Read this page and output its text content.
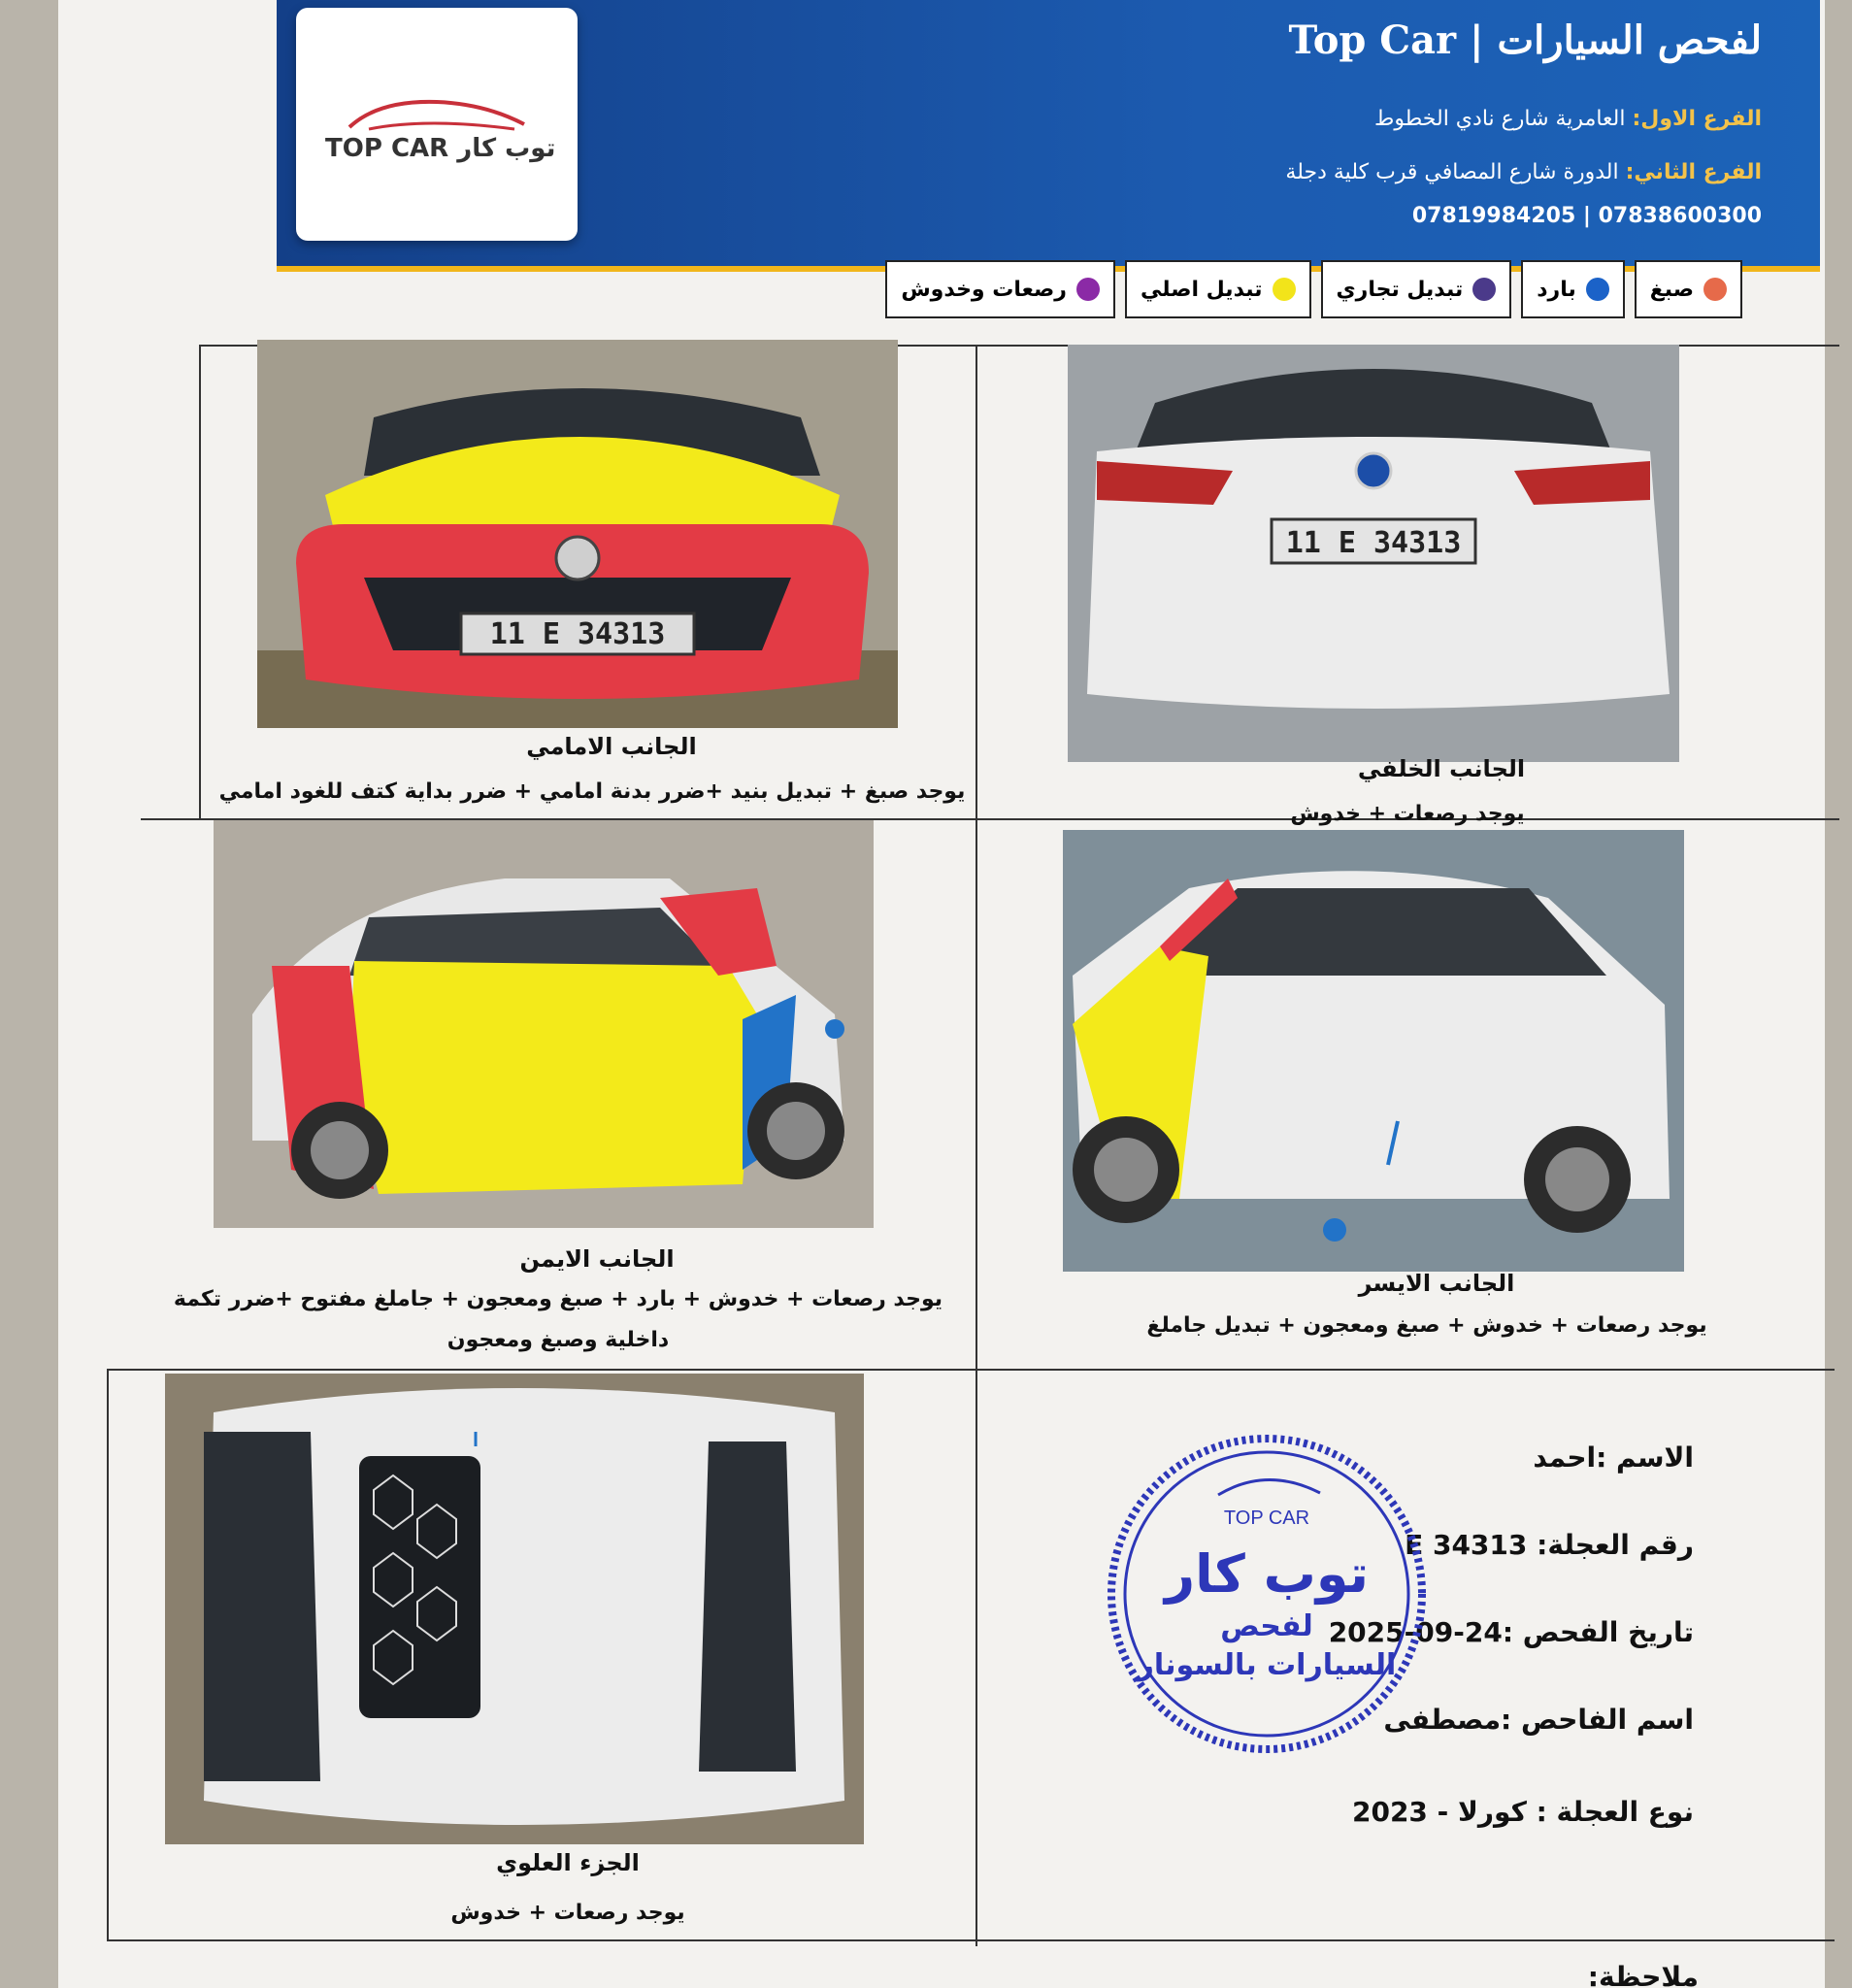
TOP CAR توب كار
Top Car | لفحص السيارات
الفرع الاول: العامرية شارع نادي الخطوط
الفرع الثاني: الدورة شارع المصافي قرب كلية دجلة
07819984205 | 07838600300
صبغ
بارد
تبديل تجاري
تبديل اصلي
رصعات وخدوش
11 E 34313
الجانب الامامي
يوجد صبغ + تبديل بنيد +ضرر بدنة امامي + ضرر بداية كتف للغود امامي
11 E 34313
الجانب الخلفي
يوجد رصعات + خدوش
الجانب الايمن
يوجد رصعات + خدوش + بارد + صبغ ومعجون + جاملغ مفتوح +ضرر تكمة داخلية وصبغ ومعجون
الجانب الايسر
يوجد رصعات + خدوش + صبغ ومعجون + تبديل جاملغ
الجزء العلوي
يوجد رصعات + خدوش
الاسم :احمد
رقم العجلة: E 34313
تاريخ الفحص :24-09-2025
اسم الفاحص :مصطفى
نوع العجلة : كورلا - 2023
TOP CAR
توب كار
لفحص
السيارات بالسونار
ملاحظة:
